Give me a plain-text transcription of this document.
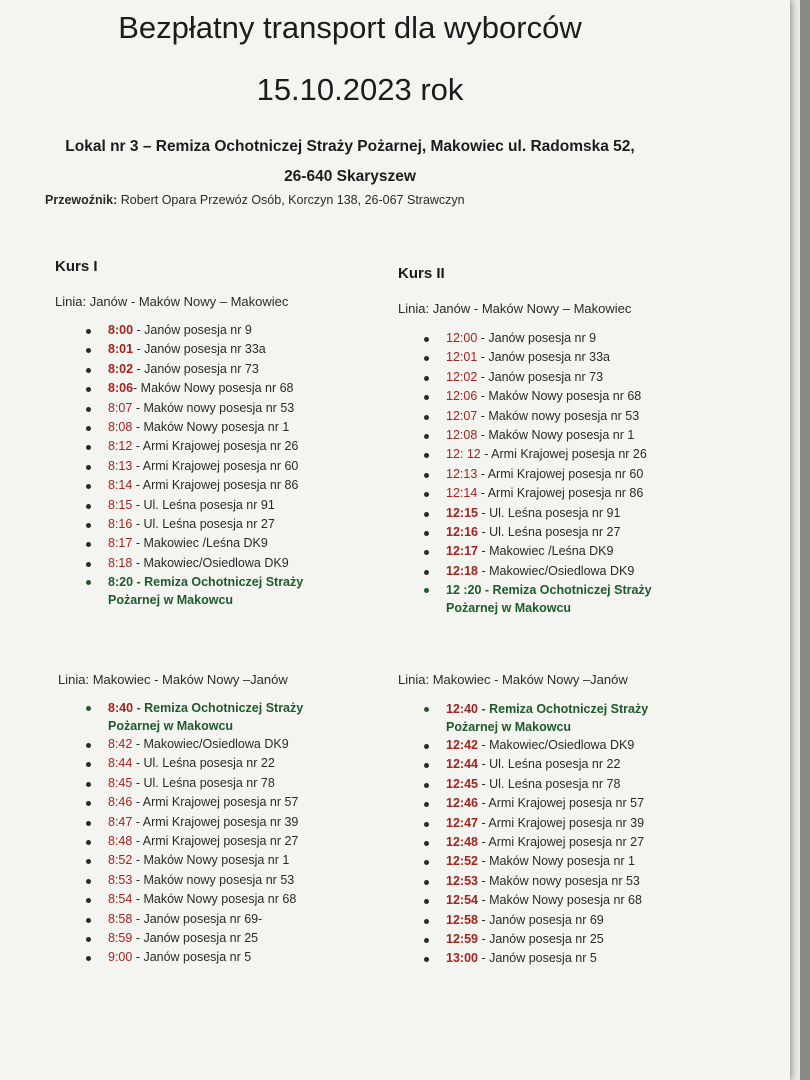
Bezpłatny transport dla wyborców
15.10.2023 rok
Lokal nr 3 – Remiza Ochotniczej Straży Pożarnej, Makowiec ul. Radomska 52,
26-640 Skaryszew
Przewoźnik: Robert Opara Przewóz Osób, Korczyn 138, 26-067 Strawczyn
Kurs I
Linia: Janów - Maków Nowy – Makowiec
8:00 - Janów posesja nr 9
8:01 - Janów posesja nr 33a
8:02 - Janów posesja nr 73
8:06- Maków Nowy posesja nr 68
8:07 - Maków nowy posesja nr 53
8:08 - Maków Nowy posesja nr 1
8:12 - Armi Krajowej posesja nr 26
8:13 - Armi Krajowej posesja nr 60
8:14 - Armi Krajowej posesja nr 86
8:15 - Ul. Leśna posesja nr 91
8:16 - Ul. Leśna posesja nr 27
8:17 - Makowiec /Leśna DK9
8:18 - Makowiec/Osiedlowa DK9
8:20 - Remiza Ochotniczej Straży
Pożarnej w Makowcu
Linia: Makowiec - Maków Nowy –Janów
8:40 - Remiza Ochotniczej Straży
Pożarnej w Makowcu
8:42 - Makowiec/Osiedlowa DK9
8:44 - Ul. Leśna posesja nr 22
8:45 - Ul. Leśna posesja nr 78
8:46 - Armi Krajowej posesja nr 57
8:47 - Armi Krajowej posesja nr 39
8:48 - Armi Krajowej posesja nr 27
8:52 - Maków Nowy posesja nr 1
8:53 - Maków nowy posesja nr 53
8:54 - Maków Nowy posesja nr 68
8:58 - Janów posesja nr 69-
8:59 - Janów posesja nr 25
9:00 - Janów posesja nr 5
Kurs II
Linia: Janów - Maków Nowy – Makowiec
12:00 - Janów posesja nr 9
12:01 - Janów posesja nr 33a
12:02 - Janów posesja nr 73
12:06 - Maków Nowy posesja nr 68
12:07 - Maków nowy posesja nr 53
12:08 - Maków Nowy posesja nr 1
12: 12 - Armi Krajowej posesja nr 26
12:13 - Armi Krajowej posesja nr 60
12:14 - Armi Krajowej posesja nr 86
12:15 - Ul. Leśna posesja nr 91
12:16 - Ul. Leśna posesja nr 27
12:17 - Makowiec /Leśna DK9
12:18 - Makowiec/Osiedlowa DK9
12 :20 - Remiza Ochotniczej Straży
Pożarnej w Makowcu
Linia: Makowiec - Maków Nowy –Janów
12:40 - Remiza Ochotniczej Straży
Pożarnej w Makowcu
12:42 - Makowiec/Osiedlowa DK9
12:44 - Ul. Leśna posesja nr 22
12:45 - Ul. Leśna posesja nr 78
12:46 - Armi Krajowej posesja nr 57
12:47 - Armi Krajowej posesja nr 39
12:48 - Armi Krajowej posesja nr 27
12:52 - Maków Nowy posesja nr 1
12:53 - Maków nowy posesja nr 53
12:54 - Maków Nowy posesja nr 68
12:58 - Janów posesja nr 69
12:59 - Janów posesja nr 25
13:00 - Janów posesja nr 5
